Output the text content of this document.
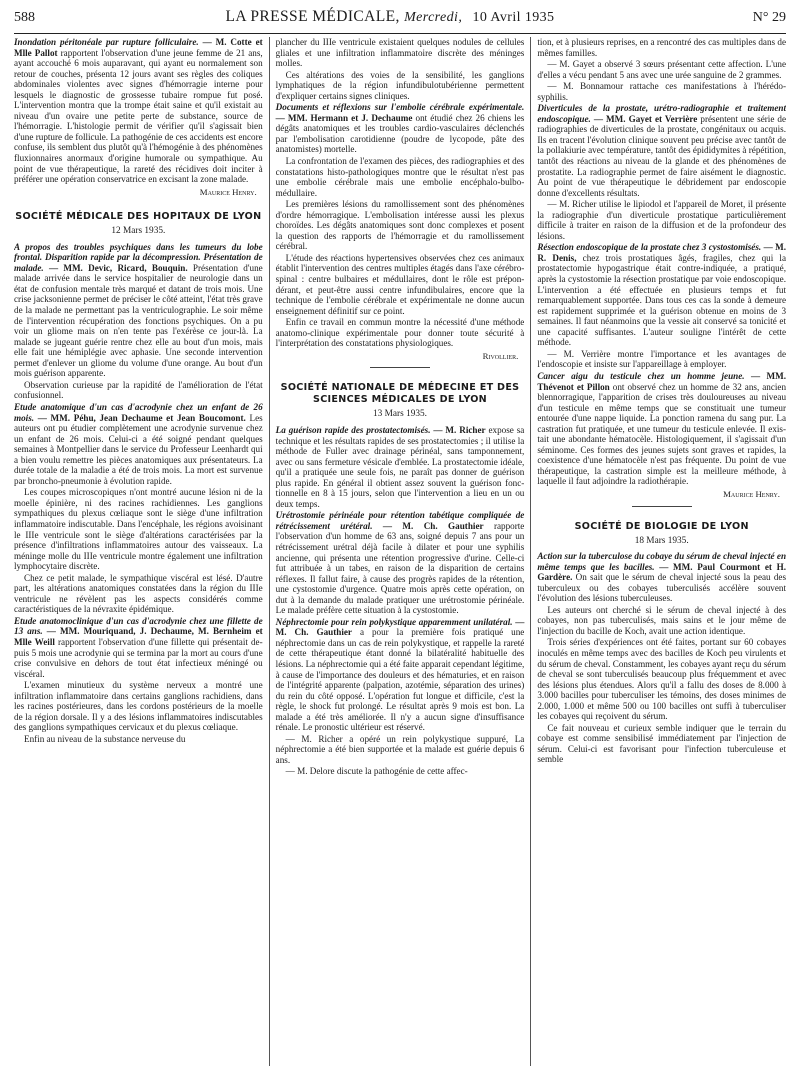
588	LA PRESSE MÉDICALE, Mercredi, 10 Avril 1935	N° 29

Inondation péritonéale par rupture folliculaire. — M. Cotte et Mlle Pallot rapportent l'observation d'une jeune femme de 21 ans, ayant accouché 6 mois auparavant, qui ayant eu normalement son retour de couches, présenta 12 jours avant ses règles des coliques abdominales violentes avec signes d'hémorragie interne pour lesquels le diagnostic de grossesse tubaire rompue fut posé. L'intervention montra que la trompe était saine et qu'il existait au niveau d'un ovaire une petite perte de substance, source de l'hémorragie. L'histologie permit de vérifier qu'il s'agissait bien d'une rupture de follicule. La pathogénie de ces accidents est encore confuse, ils semblent dus plutôt qu'à l'hémogénie à des phénomènes fluxionnaires anormaux d'origine humorale ou sympathique. Au point de vue thérapeutique, la rareté des récidives doit inciter à préférer une opération conservatrice en excisant la zone malade.

Maurice Henry.
SOCIÉTÉ MÉDICALE DES HOPITAUX DE LYON
12 Mars 1935.

A propos des troubles psychiques dans les tumeurs du lobe frontal. Disparition rapide par la décompression. Présentation de malade. — MM. Devic, Ricard, Bouquin. Présentation d'une malade arrivée dans le service hospitalier de neurologie dans un état de confusion mentale très marqué et datant de trois mois. Une crise jacksonienne permet de préciser le côté atteint, l'état très grave de la malade ne permettant pas la ventriculographie. Le soir même de l'intervention récupération des fonctions psychiques. On a pu voir un gliome mais on n'en tente pas l'exérèse ce jour-là. La malade se jugeant guérie rentre chez elle au bout d'un mois, mais elle fait une hémiplégie avec aphasie. Une seconde intervention permet d'enlever un gliome du volume d'une orange. Au bout d'un mois guérison apparente.

Observation curieuse par la rapidité de l'amélioration de l'état confusionnel.

Etude anatomique d'un cas d'acrodynie chez un enfant de 26 mois. — MM. Péhu, Jean Dechaume et Jean Boucomont. Les auteurs ont pu étudier complètement une acrodynie survenue chez un enfant de 26 mois. Celui-ci a été soigné pendant quelques semaines à Montpellier dans le service du Professeur Leenhardt qui a bien voulu remettre les pièces anatomiques aux présentateurs. La durée totale de la maladie a été de trois mois. La mort est survenue par broncho-pneumonie à évolution rapide.

Les coupes microscopiques n'ont montré aucune lésion ni de la moelle épinière, ni des racines rachidiennes. Les ganglions sympathiques du plexus cœliaque sont le siège d'une infiltration inflammatoire indiscutable. Dans l'encéphale, les régions avoisinant le IIIe ventricule sont le siège d'altérations caractérisées par la présence d'infiltrations inflammatoires autour des vaisseaux. La méninge molle du IIIe ventricule montre également une infiltration lymphocytaire discrète.

Chez ce petit malade, le sympathique viscéral est lésé. D'autre part, les altérations anatomiques constatées dans la région du IIIe ventricule ne révèlent pas les aspects considérés comme caractéristiques de la névraxite épidémique.

Etude anatomoclinique d'un cas d'acrodynie chez une fillette de 13 ans. — MM. Mouriquand, J. Dechaume, M. Bernheim et Mlle Weill rapportent l'observation d'une fillette qui présentait depuis 5 mois une acrodynie qui se termina par la mort au cours d'une crise convulsive en dehors de tout état infectieux méningé ou viscéral.

L'examen minutieux du système nerveux a montré une infiltration inflammatoire dans certains ganglions rachidiens, dans les racines postérieures, dans les cordons postérieurs de la moelle de la région dorsale. Il y a des lésions inflammatoires indiscutables des ganglions sympathiques cervicaux et du plexus cœliaque.

Enfin au niveau de la substance nerveuse du

plancher du IIIe ventricule existaient quelques nodules de cellules gliales et une infiltration inflammatoire discrète des méninges molles.

Ces altérations des voies de la sensibilité, les ganglions lymphatiques de la région infundibulotubérienne permettent d'expliquer certains signes cliniques.

Documents et réflexions sur l'embolie cérébrale expérimentale. — MM. Hermann et J. Dechaume ont étudié chez 26 chiens les dégâts anatomiques et les troubles cardio-vasculaires déclenchés par l'embolisation carotidienne (poudre de lycopode, pâte des anatomistes) mortelle.

La confrontation de l'examen des pièces, des radiographies et des constatations histo-pathologiques montre que le résultat n'est pas une embolie cérébrale mais une embolie encéphalo-bulbomédullaire.

Les premières lésions du ramollissement sont des phénomènes d'ordre hémorragique. L'embolisation intéresse aussi les plexus choroïdes. Les dégâts anatomiques sont donc complexes et posent la question des rapports de l'hémorragie et du ramollissement cérébral.

L'étude des réactions hypertensives observées chez ces animaux établit l'intervention des centres multiples étagés dans l'axe cérébro-spinal : centre bulbaires et médullaires, dont le rôle est prépondérant, et peut-être aussi centre infundibulaires, encore que la technique de l'embolie cérébrale et expérimentale ne donne aucun enseignement définitif sur ce point.

Enfin ce travail en commun montre la nécessité d'une méthode anatomo-clinique expérimentale pour donner toute sécurité à l'interprétation des constatations physiologiques.

Rivollier.
SOCIÉTÉ NATIONALE DE MÉDECINE ET DES SCIENCES MÉDICALES DE LYON
13 Mars 1935.

La guérison rapide des prostatectomisés. — M. Richer expose sa technique et les résultats rapides de ses prostatectomies ; il utilise la méthode de Fuller avec drainage périnéal, sans tamponnement, avec ou sans fermeture vésicale d'emblée. La prostatectomie idéale, qu'il a pratiquée une seule fois, ne paraît pas donner de guérison plus rapide. En général il obtient assez souvent la guérison fonctionnelle en 8 à 15 jours, selon que l'intervention a lieu en un ou deux temps.

Urétrostomie périnéale pour rétention tabétique compliquée de rétrécissement urétéral. — M. Ch. Gauthier rapporte l'observation d'un homme de 63 ans, soigné depuis 7 ans pour un rétrécissement urétral déjà facile à dilater et pour une syphilis ancienne, qui présenta une rétention progressive d'urine. Celle-ci fut attribuée à un tabes, en raison de la disparition de certains réflexes. Il fallut faire, à cause des progrès rapides de la rétention, une cystostomie d'urgence. Quatre mois après cette opération, on dut à la demande du malade pratiquer une urétrostomie périnéale. Le malade préfère cette situation à la cystostomie.

Néphrectomie pour rein polykystique apparemment unilatéral. — M. Ch. Gauthier a pour la première fois pratiqué une néphrectomie dans un cas de rein polykystique, et rappelle la rareté de cette thérapeutique étant donné la bilatéralité habituelle des lésions. La néphrectomie qui a été faite apparait cependant légitime, à cause de l'importance des douleurs et des hématuries, et en raison de l'intégrité apparente (palpation, azotémie, séparation des urines) du rein du côté opposé. L'opération fut longue et difficile, c'est la règle, le shock fut prolongé. Le résultat après 9 mois est bon. La malade a été très améliorée. Il n'y a aucun signe d'insuffisance rénale. Le pronostic ultérieur est réservé.

— M. Richer a opéré un rein polykystique suppuré, La néphrectomie a été bien supportée et la malade est guérie depuis 6 ans.

— M. Delore discute la pathogénie de cette affec-

tion, et à plusieurs reprises, en a rencontré des cas multiples dans de mêmes familles.

— M. Gayet a observé 3 sœurs présentant cette affection. L'une d'elles a vécu pendant 5 ans avec une urée sanguine de 2 grammes.

— M. Bonnamour rattache ces manifestations à l'hérédo-syphilis.

Diverticules de la prostate, urétro-radiographie et traitement endoscopique. — MM. Gayet et Verrière présentent une série de radiographies de diverticules de la prostate, congénitaux ou acquis. Ils en tracent l'évolution clinique souvent peu précise avec tantôt de la pollakiurie avec température, tantôt des épididymites à répétition, tantôt des réactions au niveau de la glande et des phénomènes de prostatite. La radiographie permet de faire aisément le diagnostic. Au point de vue thérapeutique le débridement par endoscopie donne d'excellents résultats.

— M. Richer utilise le lipiodol et l'appareil de Moret, il présente la radiographie d'un diverticule prostatique particulièrement difficile à traiter en raison de la diffusion et de la profondeur des lésions.

Résection endoscopique de la prostate chez 3 cystostomisés. — M. R. Denis, chez trois prostatiques âgés, fragiles, chez qui la prostatectomie hypogastrique était contre-indiquée, a pratiqué, après la cystostomie la résection prostatique par voie endoscopique. L'intervention a été effectuée en plusieurs temps et fut remarquablement supportée. Dans tous ces cas la sonde à demeure est rapidement supprimée et la guérison obtenue en moins de 3 semaines. Il faut néanmoins que la vessie ait conservé sa tonicité et une capacité suffisantes. L'auteur souligne l'intérêt de cette méthode.

— M. Verrière montre l'importance et les avantages de l'endoscopie et insiste sur l'appareillage à employer.

Cancer aigu du testicule chez un homme jeune. — MM. Thévenot et Pillon ont observé chez un homme de 32 ans, ancien blennorragique, l'apparition de crises très douloureuses au niveau d'un testicule en même temps que se constituait une tumeur entourée d'une nappe liquide. La ponction ramena du sang pur. La castration fut pratiquée, et une tumeur du testicule enlevée. Il existait une abondante hématocèle. Histologiquement, il s'agissait d'un séminome. Ces formes des jeunes sujets sont graves et rapides, la coexistence d'une hématocèle n'est pas fréquente. Du point de vue thérapeutique, la castration simple est la meilleure méthode, à laquelle il faut adjoindre la radiothérapie.

Maurice Henry.
SOCIÉTÉ DE BIOLOGIE DE LYON
18 Mars 1935.

Action sur la tuberculose du cobaye du sérum de cheval injecté en même temps que les bacilles. — MM. Paul Courmont et H. Gardère. On sait que le sérum de cheval injecté sous la peau des tuberculeux ou des cobayes tuberculisés accélère souvent l'évolution des lésions tuberculeuses.

Les auteurs ont cherché si le sérum de cheval injecté à des cobayes, non pas tuberculisés, mais sains et le jour même de l'injection du bacille de Koch, avait une action identique.

Trois séries d'expériences ont été faites, portant sur 60 cobayes inoculés en même temps avec des bacilles de Koch peu virulents et du sérum de cheval. Constamment, les cobayes ayant reçu du sérum de cheval se sont tuberculisés beaucoup plus fréquemment et avec des lésions plus étendues. Alors qu'il a fallu des doses de 8.000 à 3.000 bacilles pour tuberculiser les témoins, des doses minimes de 2.000, 1.000 et même 500 ou 100 bacilles ont suffi à tuberculiser les cobayes qui reçoivent du sérum.

Ce fait nouveau et curieux semble indiquer que le terrain du cobaye est comme sensibilisé immédiatement par l'injection de sérum. Celui-ci est favorisant pour l'infection tuberculeuse et semble
